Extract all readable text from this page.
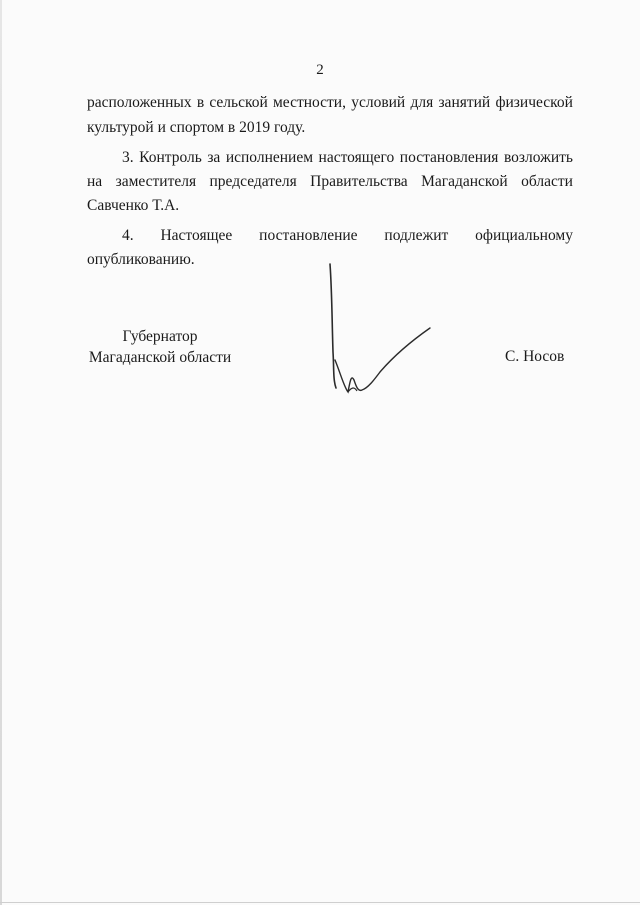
2
расположенных в сельской местности, условий для занятий физической
культурой и спортом в 2019 году.
3. Контроль за исполнением настоящего постановления возложить
на заместителя председателя Правительства Магаданской области
Савченко Т.А.
4. Настоящее постановление подлежит официальному
опубликованию.
Губернатор
Магаданской области	С. Носов
